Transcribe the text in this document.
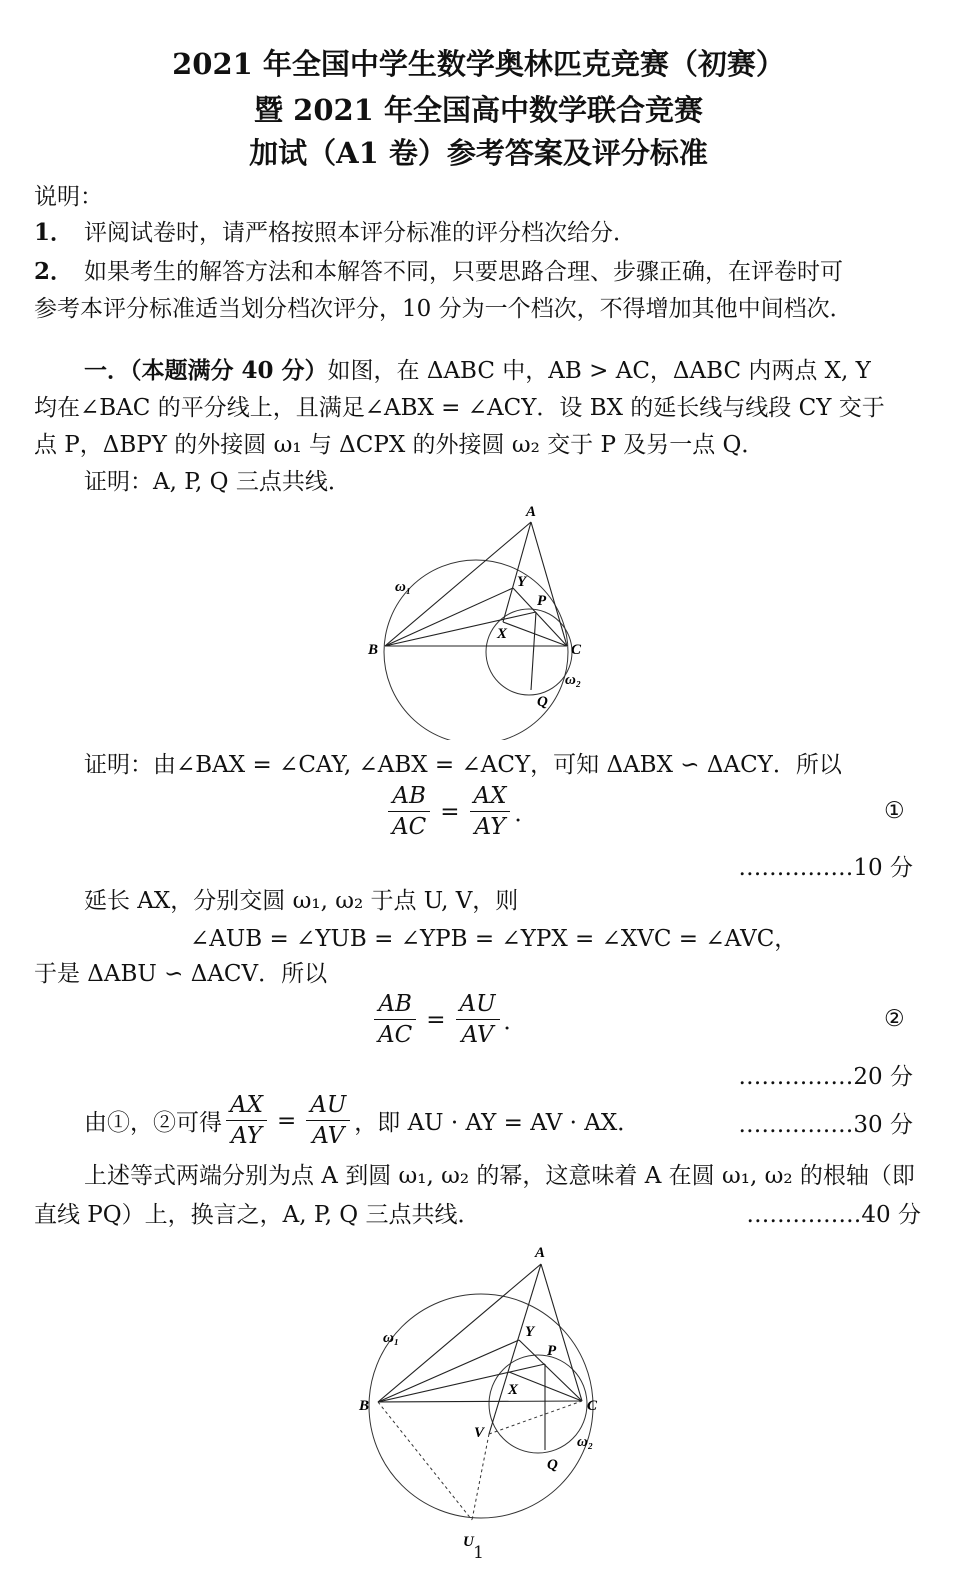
2021 年全国中学生数学奥林匹克竞赛（初赛）
暨 2021 年全国高中数学联合竞赛
加试（A1 卷）参考答案及评分标准
说明：
1． 评阅试卷时，请严格按照本评分标准的评分档次给分．
2． 如果考生的解答方法和本解答不同，只要思路合理、步骤正确，在评卷时可
参考本评分标准适当划分档次评分，10 分为一个档次，不得增加其他中间档次．
一．（本题满分 40 分）如图，在 ΔABC 中，AB > AC，ΔABC 内两点 X, Y
均在∠BAC 的平分线上，且满足∠ABX = ∠ACY．设 BX 的延长线与线段 CY 交于
点 P，ΔBPY 的外接圆 ω₁ 与 ΔCPX 的外接圆 ω₂ 交于 P 及另一点 Q．
证明：A, P, Q 三点共线．
A
B	C
X
Y
P
Q
ω₁
ω₂
证明：由∠BAX = ∠CAY, ∠ABX = ∠ACY，可知 ΔABX ∽ ΔACY．所以
$\frac{AB}{AC} = \frac{AX}{AY}$ ．	①
……………10 分
延长 AX，分别交圆 ω₁, ω₂ 于点 U, V，则
∠AUB = ∠YUB = ∠YPB = ∠YPX = ∠XVC = ∠AVC，
于是 ΔABU ∽ ΔACV．所以
$\frac{AB}{AC} = \frac{AU}{AV}$ ．	②
……………20 分
由①，②可得 $\frac{AX}{AY} = \frac{AU}{AV}$ ，即 AU · AY = AV · AX．	……………30 分
上述等式两端分别为点 A 到圆 ω₁, ω₂ 的幂，这意味着 A 在圆 ω₁, ω₂ 的根轴（即
直线 PQ）上，换言之，A, P, Q 三点共线．	……………40 分
A
B	C
X
Y
P
Q
U
V
ω₁
ω₂
1
